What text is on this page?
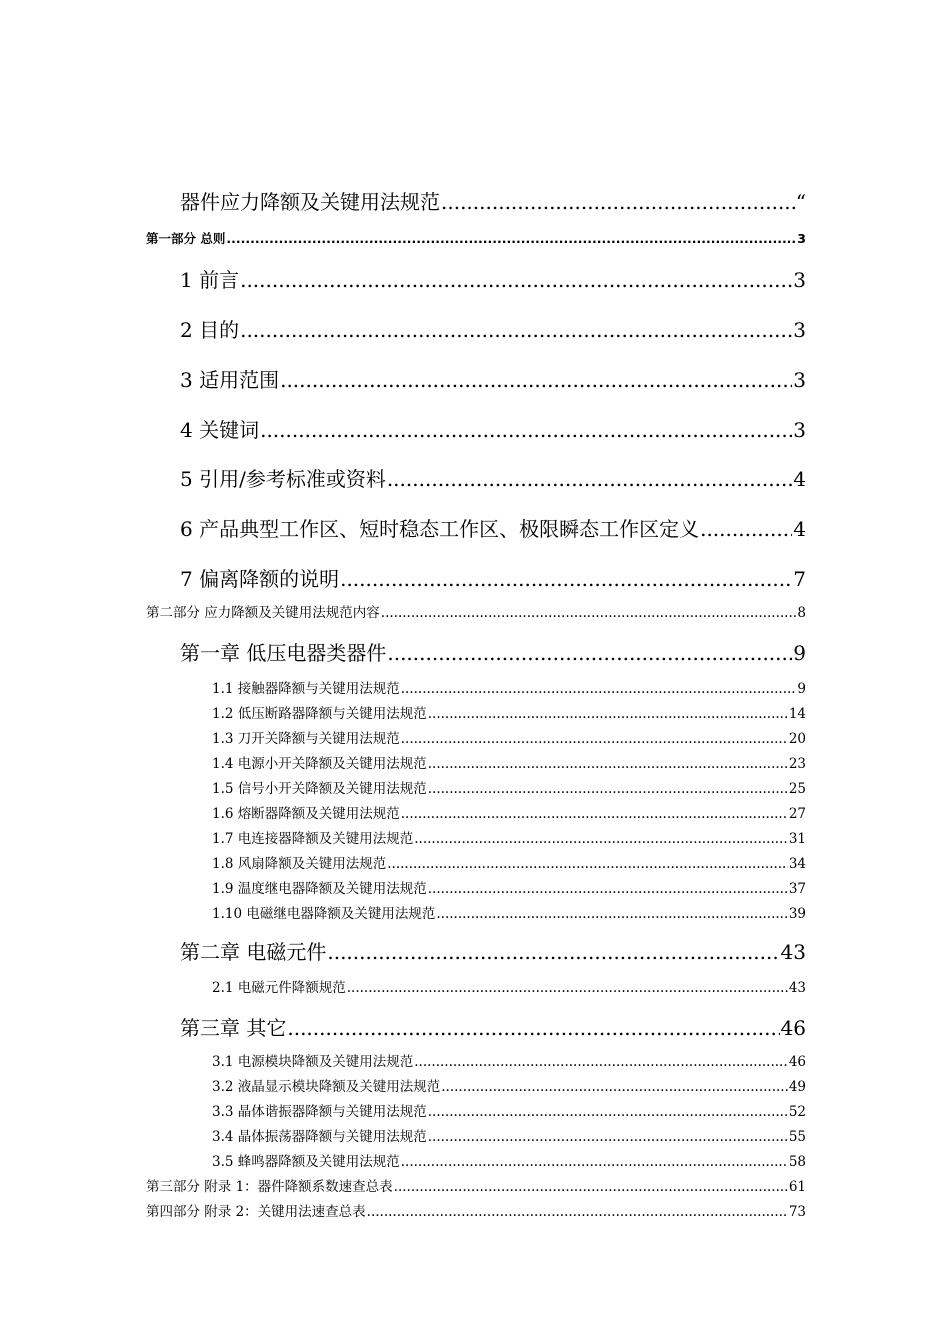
器件应力降额及关键用法规范 .....	“
第一部分 总则 .....	3
1 前言 .....	3
2 目的 .....	3
3 适用范围 .....	3
4 关键词 .....	3
5 引用/参考标准或资料 .....	4
6 产品典型工作区、短时稳态工作区、极限瞬态工作区定义 .....	4
7 偏离降额的说明 .....	7
第二部分 应力降额及关键用法规范内容 .....	8
第一章 低压电器类器件 .....	9
1.1 接触器降额与关键用法规范 .....	9
1.2 低压断路器降额与关键用法规范 .....	14
1.3 刀开关降额与关键用法规范 .....	20
1.4 电源小开关降额及关键用法规范 .....	23
1.5 信号小开关降额及关键用法规范 .....	25
1.6 熔断器降额及关键用法规范 .....	27
1.7 电连接器降额及关键用法规范 .....	31
1.8 风扇降额及关键用法规范 .....	34
1.9 温度继电器降额及关键用法规范 .....	37
1.10 电磁继电器降额及关键用法规范 .....	39
第二章 电磁元件 .....	43
2.1 电磁元件降额规范 .....	43
第三章 其它 .....	46
3.1 电源模块降额及关键用法规范 .....	46
3.2 液晶显示模块降额及关键用法规范 .....	49
3.3 晶体谐振器降额与关键用法规范 .....	52
3.4 晶体振荡器降额与关键用法规范 .....	55
3.5 蜂鸣器降额及关键用法规范 .....	58
第三部分 附录 1：器件降额系数速查总表 .....	61
第四部分 附录 2：关键用法速查总表 .....	73
